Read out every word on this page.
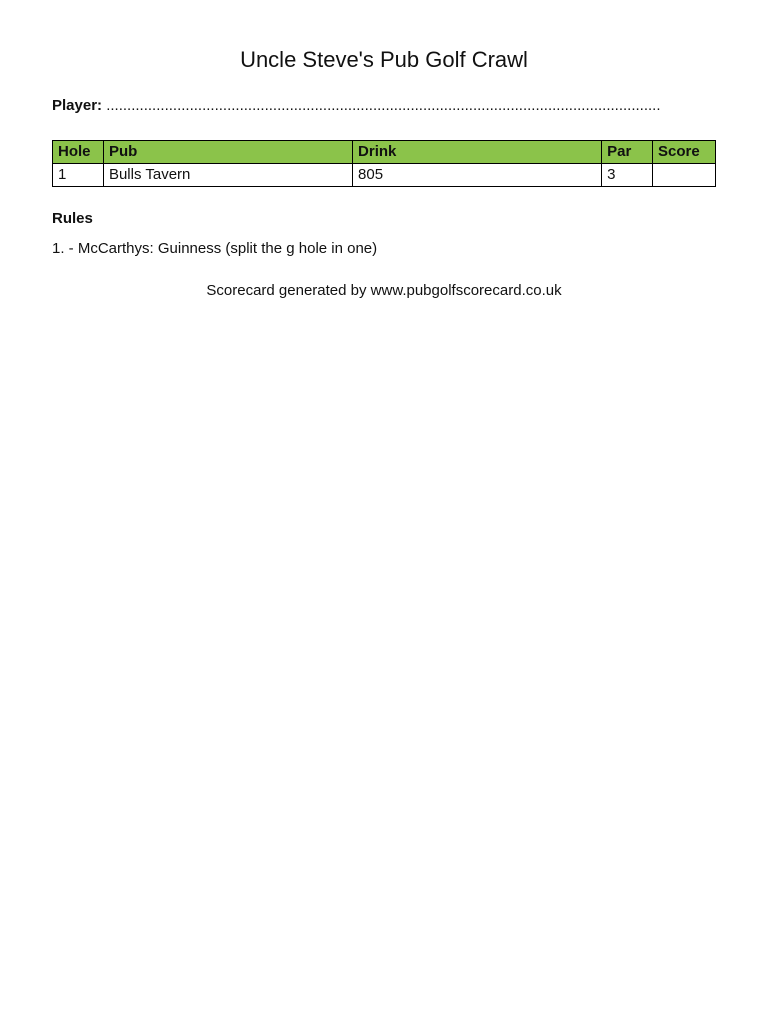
Uncle Steve's Pub Golf Crawl
Player: .....................................................................................................................................
Hole	Pub	Drink	Par	Score
1	Bulls Tavern	805	3	
Rules
1. - McCarthys: Guinness (split the g hole in one)
Scorecard generated by www.pubgolfscorecard.co.uk
